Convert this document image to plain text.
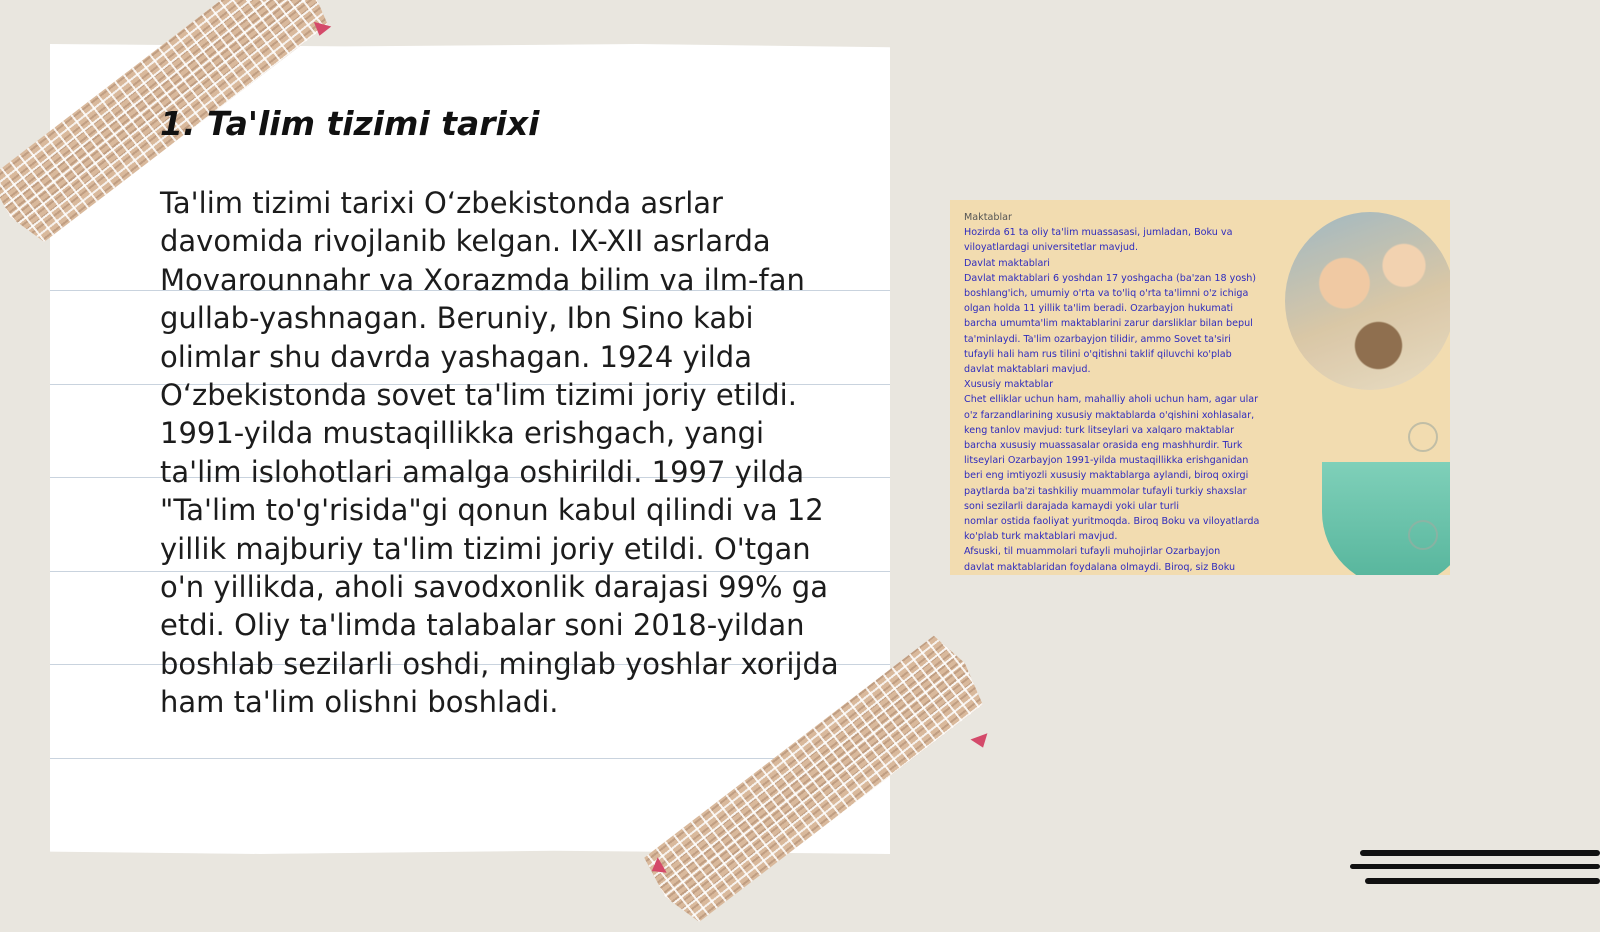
1. Ta'lim tizimi tarixi

Ta'lim tizimi tarixi O‘zbekistonda asrlar davomida rivojlanib kelgan. IX-XII asrlarda Movarounnahr va Xorazmda bilim va ilm-fan gullab-yashnagan. Beruniy, Ibn Sino kabi olimlar shu davrda yashagan. 1924 yilda O‘zbekistonda sovet ta'lim tizimi joriy etildi. 1991-yilda mustaqillikka erishgach, yangi ta'lim islohotlari amalga oshirildi. 1997 yilda "Ta'lim to'g'risida"gi qonun kabul qilindi va 12 yillik majburiy ta'lim tizimi joriy etildi. O'tgan o'n yillikda, aholi savodxonlik darajasi 99% ga etdi. Oliy ta'limda talabalar soni 2018-yildan boshlab sezilarli oshdi, minglab yoshlar xorijda ham ta'lim olishni boshladi.

Maktablar
Hozirda 61 ta oliy ta'lim muassasasi, jumladan, Boku va
viloyatlardagi universitetlar mavjud.
Davlat maktablari
Davlat maktablari 6 yoshdan 17 yoshgacha (ba'zan 18 yosh)
boshlang'ich, umumiy o'rta va to'liq o'rta ta'limni o'z ichiga
olgan holda 11 yillik ta'lim beradi. Ozarbayjon hukumati
barcha umumta'lim maktablarini zarur darsliklar bilan bepul
ta'minlaydi. Ta'lim ozarbayjon tilidir, ammo Sovet ta'siri
tufayli hali ham rus tilini o'qitishni taklif qiluvchi ko'plab
davlat maktablari mavjud.
Xususiy maktablar
Chet elliklar uchun ham, mahalliy aholi uchun ham, agar ular
o'z farzandlarining xususiy maktablarda o'qishini xohlasalar,
keng tanlov mavjud: turk litseylari va xalqaro maktablar
barcha xususiy muassasalar orasida eng mashhurdir. Turk
litseylari Ozarbayjon 1991-yilda mustaqillikka erishganidan
beri eng imtiyozli xususiy maktablarga aylandi, biroq oxirgi
paytlarda ba'zi tashkiliy muammolar tufayli turkiy shaxslar
soni sezilarli darajada kamaydi yoki ular turli
nomlar ostida faoliyat yuritmoqda. Biroq Boku va viloyatlarda
ko'plab turk maktablari mavjud.
Afsuski, til muammolari tufayli muhojirlar Ozarbayjon
davlat maktablaridan foydalana olmaydi. Biroq, siz Boku
